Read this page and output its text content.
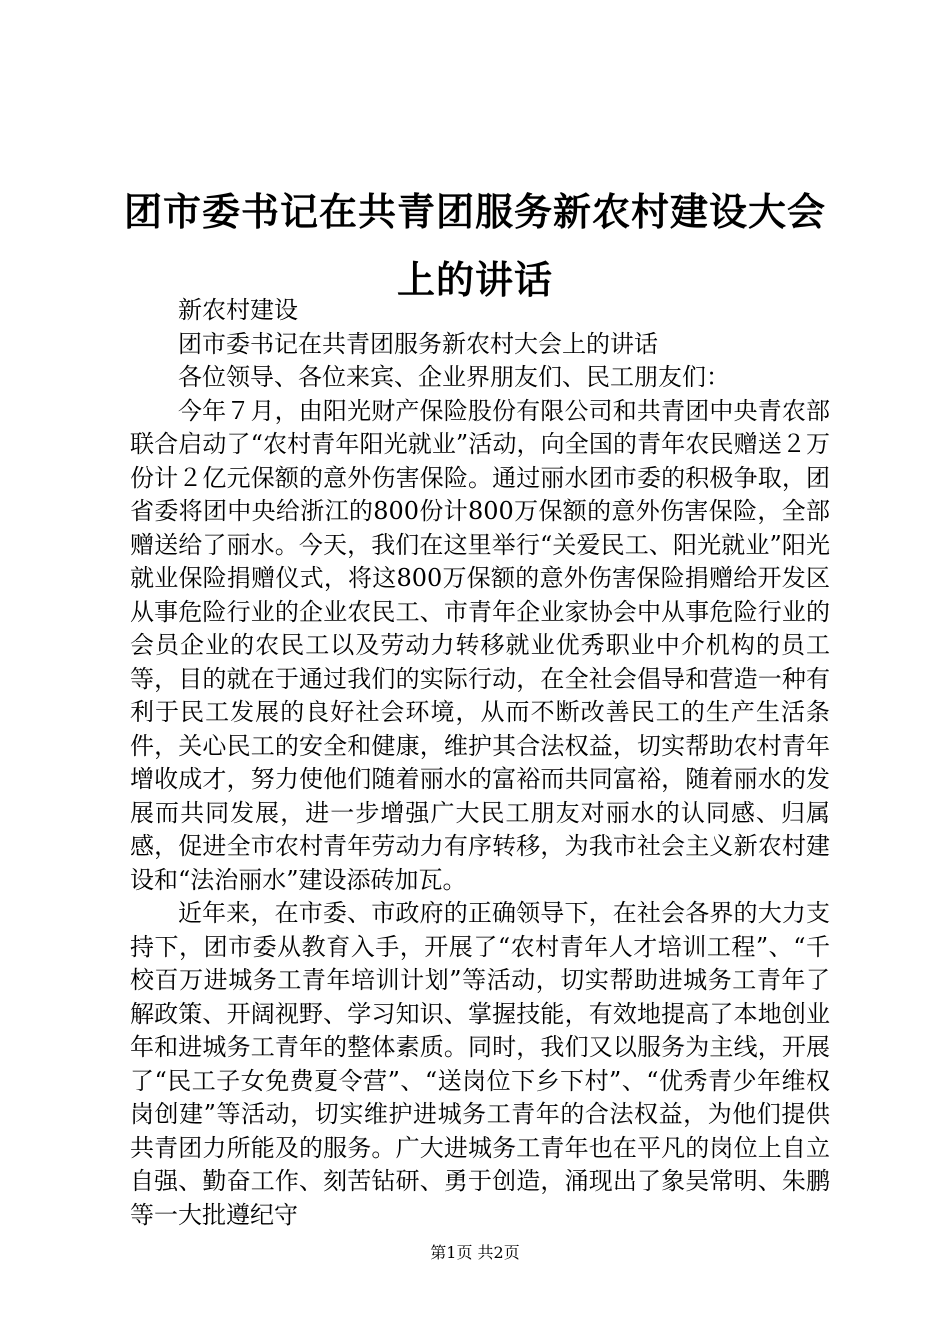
团市委书记在共青团服务新农村建设大会上的讲话

新农村建设

团市委书记在共青团服务新农村大会上的讲话

各位领导、各位来宾、企业界朋友们、民工朋友们：

今年７月，由阳光财产保险股份有限公司和共青团中央青农部联合启动了“农村青年阳光就业”活动，向全国的青年农民赠送２万份计２亿元保额的意外伤害保险。通过丽水团市委的积极争取，团省委将团中央给浙江的800份计800万保额的意外伤害保险，全部赠送给了丽水。今天，我们在这里举行“关爱民工、阳光就业”阳光就业保险捐赠仪式，将这800万保额的意外伤害保险捐赠给开发区从事危险行业的企业农民工、市青年企业家协会中从事危险行业的会员企业的农民工以及劳动力转移就业优秀职业中介机构的员工等，目的就在于通过我们的实际行动，在全社会倡导和营造一种有利于民工发展的良好社会环境，从而不断改善民工的生产生活条件，关心民工的安全和健康，维护其合法权益，切实帮助农村青年增收成才，努力使他们随着丽水的富裕而共同富裕，随着丽水的发展而共同发展，进一步增强广大民工朋友对丽水的认同感、归属感，促进全市农村青年劳动力有序转移，为我市社会主义新农村建设和“法治丽水”建设添砖加瓦。

近年来，在市委、市政府的正确领导下，在社会各界的大力支持下，团市委从教育入手，开展了“农村青年人才培训工程”、“千校百万进城务工青年培训计划”等活动，切实帮助进城务工青年了解政策、开阔视野、学习知识、掌握技能，有效地提高了本地创业年和进城务工青年的整体素质。同时，我们又以服务为主线，开展了“民工子女免费夏令营”、“送岗位下乡下村”、“优秀青少年维权岗创建”等活动，切实维护进城务工青年的合法权益，为他们提供共青团力所能及的服务。广大进城务工青年也在平凡的岗位上自立自强、勤奋工作、刻苦钻研、勇于创造，涌现出了象吴常明、朱鹏等一大批遵纪守

第1页 共2页
